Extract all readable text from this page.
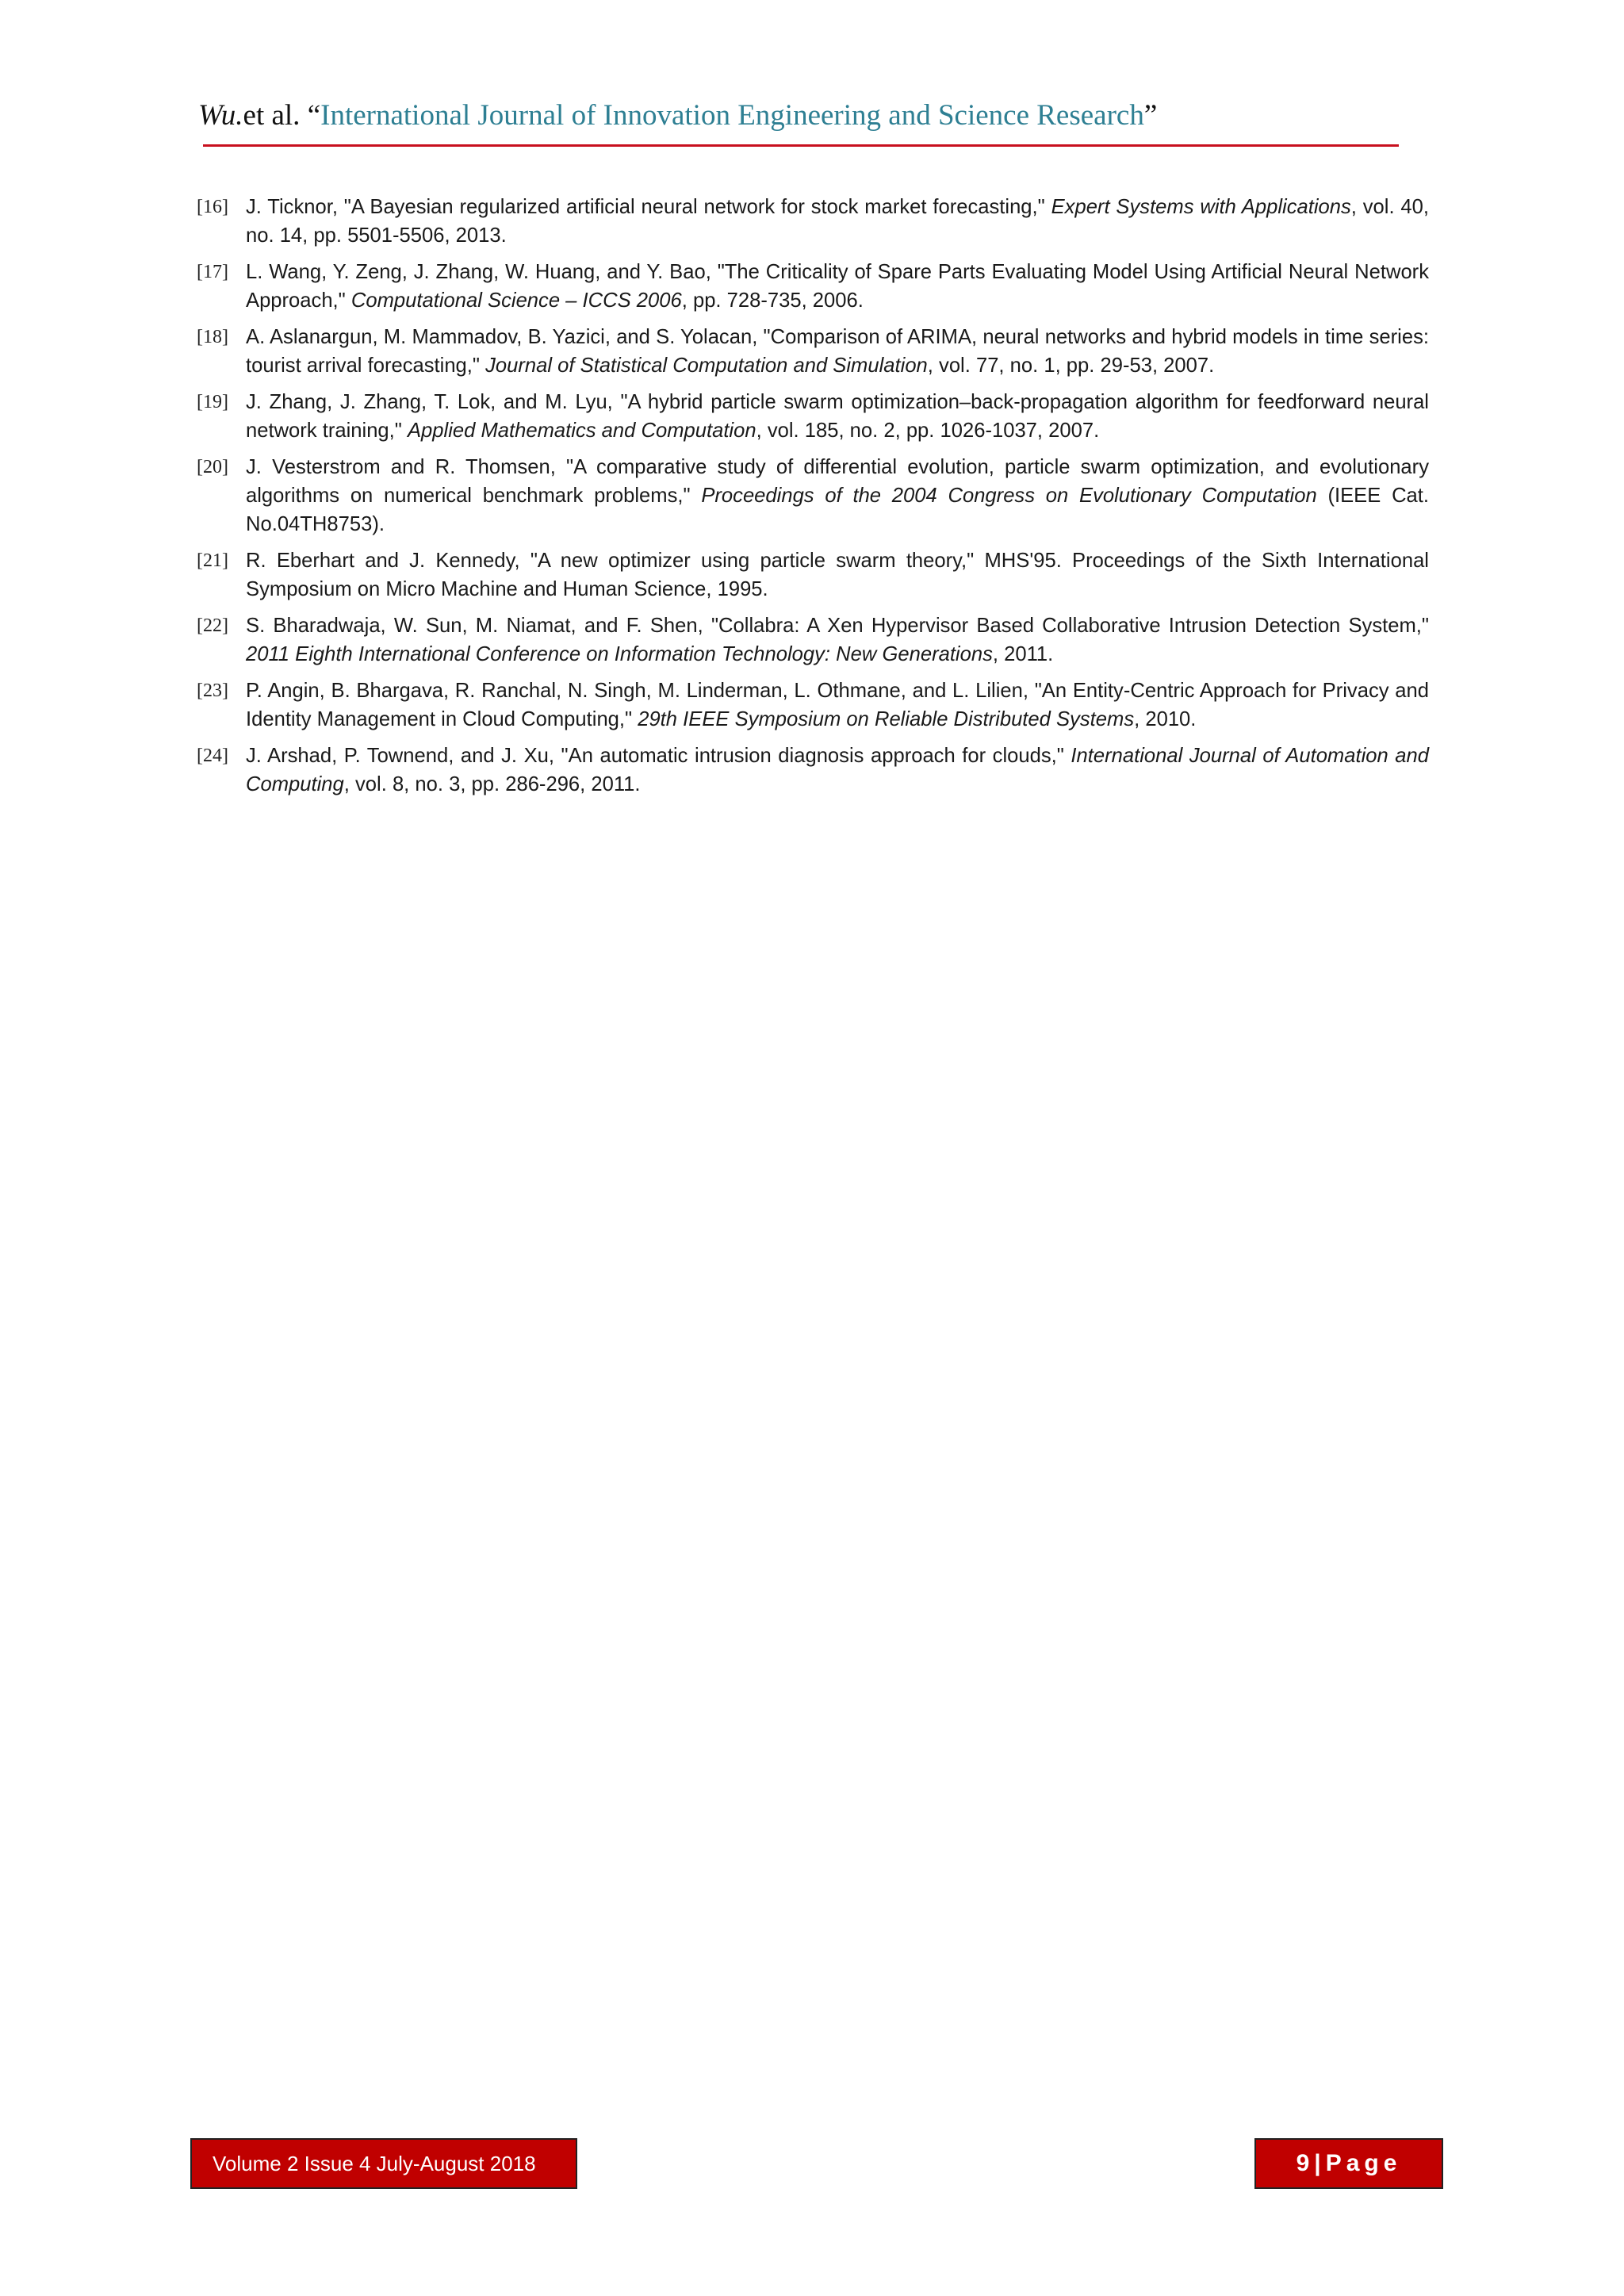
Wu.et al. “International Journal of Innovation Engineering and Science Research”
[16] J. Ticknor, "A Bayesian regularized artificial neural network for stock market forecasting," Expert Systems with Applications, vol. 40, no. 14, pp. 5501-5506, 2013.
[17] L. Wang, Y. Zeng, J. Zhang, W. Huang, and Y. Bao, "The Criticality of Spare Parts Evaluating Model Using Artificial Neural Network Approach," Computational Science – ICCS 2006, pp. 728-735, 2006.
[18] A. Aslanargun, M. Mammadov, B. Yazici, and S. Yolacan, "Comparison of ARIMA, neural networks and hybrid models in time series: tourist arrival forecasting," Journal of Statistical Computation and Simulation, vol. 77, no. 1, pp. 29-53, 2007.
[19] J. Zhang, J. Zhang, T. Lok, and M. Lyu, "A hybrid particle swarm optimization–back-propagation algorithm for feedforward neural network training," Applied Mathematics and Computation, vol. 185, no. 2, pp. 1026-1037, 2007.
[20] J. Vesterstrom and R. Thomsen, "A comparative study of differential evolution, particle swarm optimization, and evolutionary algorithms on numerical benchmark problems," Proceedings of the 2004 Congress on Evolutionary Computation (IEEE Cat. No.04TH8753).
[21] R. Eberhart and J. Kennedy, "A new optimizer using particle swarm theory," MHS'95. Proceedings of the Sixth International Symposium on Micro Machine and Human Science, 1995.
[22] S. Bharadwaja, W. Sun, M. Niamat, and F. Shen, "Collabra: A Xen Hypervisor Based Collaborative Intrusion Detection System," 2011 Eighth International Conference on Information Technology: New Generations, 2011.
[23] P. Angin, B. Bhargava, R. Ranchal, N. Singh, M. Linderman, L. Othmane, and L. Lilien, "An Entity-Centric Approach for Privacy and Identity Management in Cloud Computing," 29th IEEE Symposium on Reliable Distributed Systems, 2010.
[24] J. Arshad, P. Townend, and J. Xu, "An automatic intrusion diagnosis approach for clouds," International Journal of Automation and Computing, vol. 8, no. 3, pp. 286-296, 2011.
Volume 2 Issue 4 July-August 2018	9|Page
